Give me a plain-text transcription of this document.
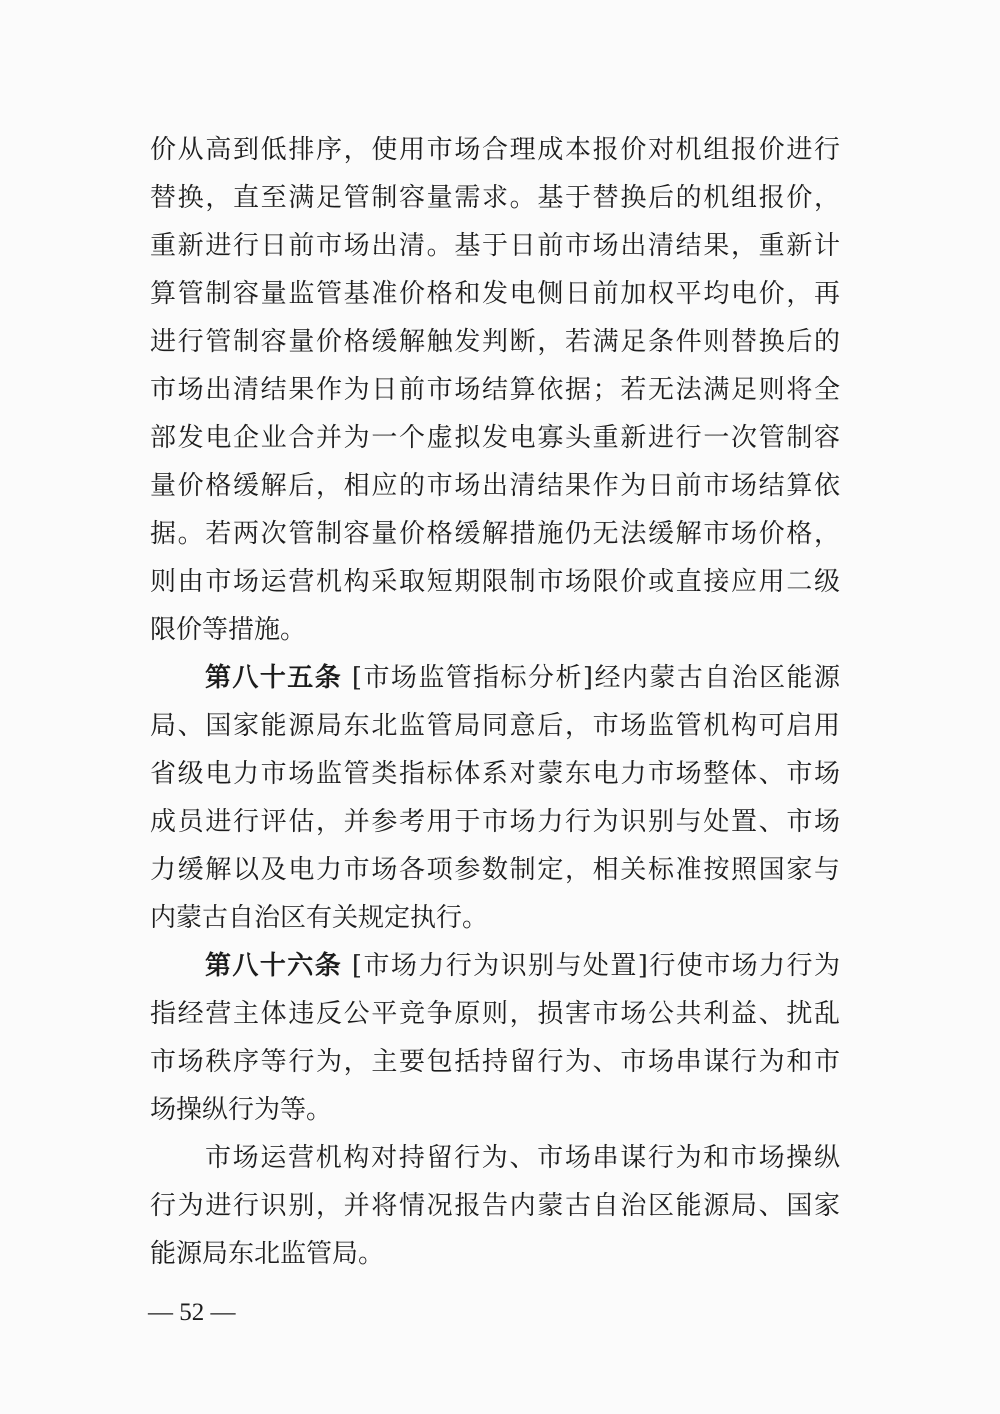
价从高到低排序，使用市场合理成本报价对机组报价进行
替换，直至满足管制容量需求。基于替换后的机组报价，
重新进行日前市场出清。基于日前市场出清结果，重新计
算管制容量监管基准价格和发电侧日前加权平均电价，再
进行管制容量价格缓解触发判断，若满足条件则替换后的
市场出清结果作为日前市场结算依据；若无法满足则将全
部发电企业合并为一个虚拟发电寡头重新进行一次管制容
量价格缓解后，相应的市场出清结果作为日前市场结算依
据。若两次管制容量价格缓解措施仍无法缓解市场价格，
则由市场运营机构采取短期限制市场限价或直接应用二级
限价等措施。
第八十五条 [市场监管指标分析]经内蒙古自治区能源
局、国家能源局东北监管局同意后，市场监管机构可启用
省级电力市场监管类指标体系对蒙东电力市场整体、市场
成员进行评估，并参考用于市场力行为识别与处置、市场
力缓解以及电力市场各项参数制定，相关标准按照国家与
内蒙古自治区有关规定执行。
第八十六条 [市场力行为识别与处置]行使市场力行为
指经营主体违反公平竞争原则，损害市场公共利益、扰乱
市场秩序等行为，主要包括持留行为、市场串谋行为和市
场操纵行为等。
市场运营机构对持留行为、市场串谋行为和市场操纵
行为进行识别，并将情况报告内蒙古自治区能源局、国家
能源局东北监管局。
— 52 —
